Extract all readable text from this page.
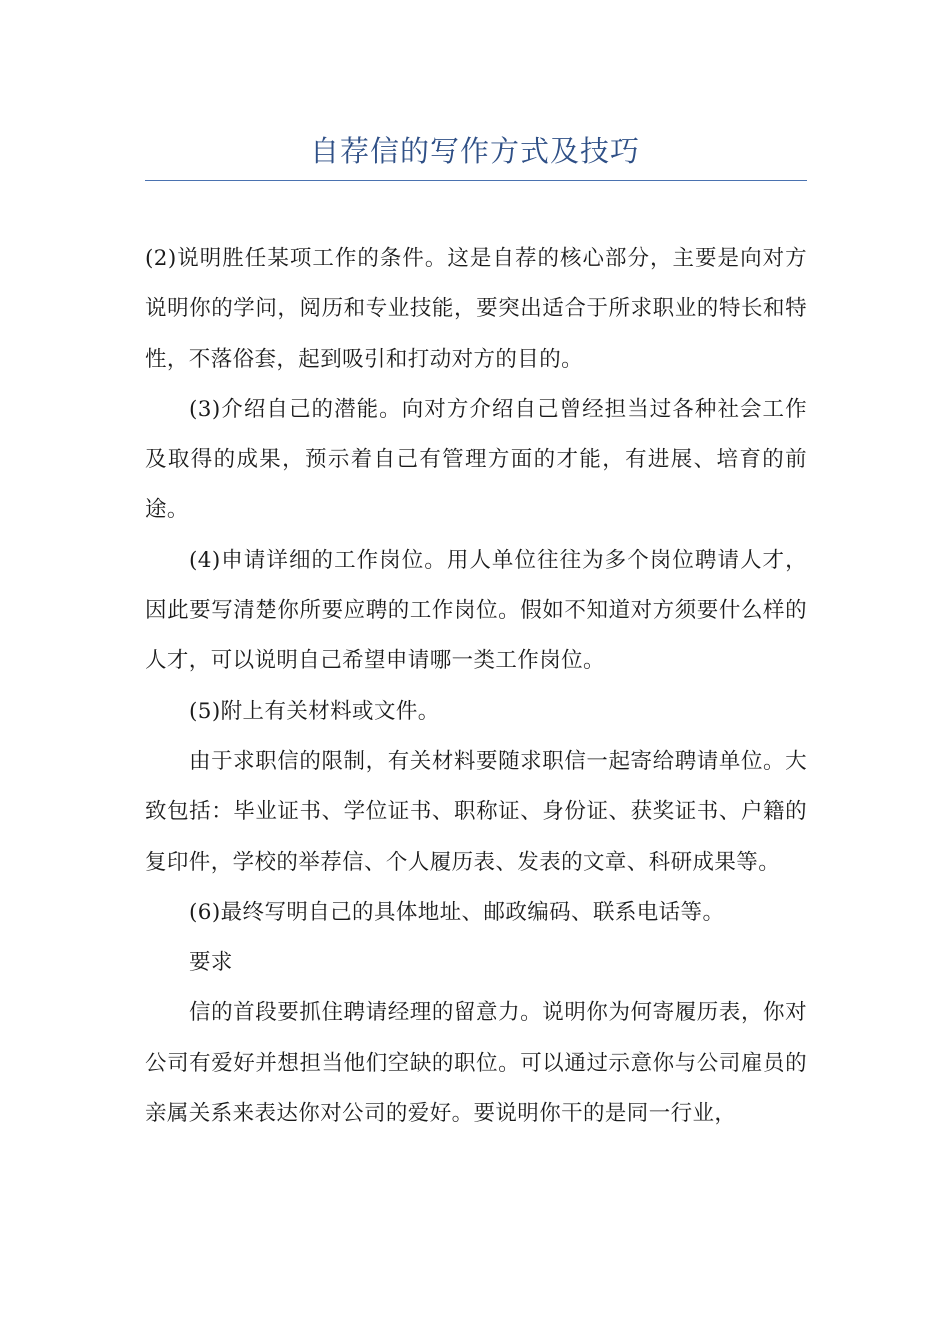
自荐信的写作方式及技巧

(2)说明胜任某项工作的条件。这是自荐的核心部分，主要是向对方说明你的学问，阅历和专业技能，要突出适合于所求职业的特长和特性，不落俗套，起到吸引和打动对方的目的。

(3)介绍自己的潜能。向对方介绍自己曾经担当过各种社会工作及取得的成果，预示着自己有管理方面的才能，有进展、培育的前途。

(4)申请详细的工作岗位。用人单位往往为多个岗位聘请人才，因此要写清楚你所要应聘的工作岗位。假如不知道对方须要什么样的人才，可以说明自己希望申请哪一类工作岗位。

(5)附上有关材料或文件。

由于求职信的限制，有关材料要随求职信一起寄给聘请单位。大致包括：毕业证书、学位证书、职称证、身份证、获奖证书、户籍的复印件，学校的举荐信、个人履历表、发表的文章、科研成果等。

(6)最终写明自己的具体地址、邮政编码、联系电话等。

要求

信的首段要抓住聘请经理的留意力。说明你为何寄履历表，你对公司有爱好并想担当他们空缺的职位。可以通过示意你与公司雇员的亲属关系来表达你对公司的爱好。要说明你干的是同一行业，
